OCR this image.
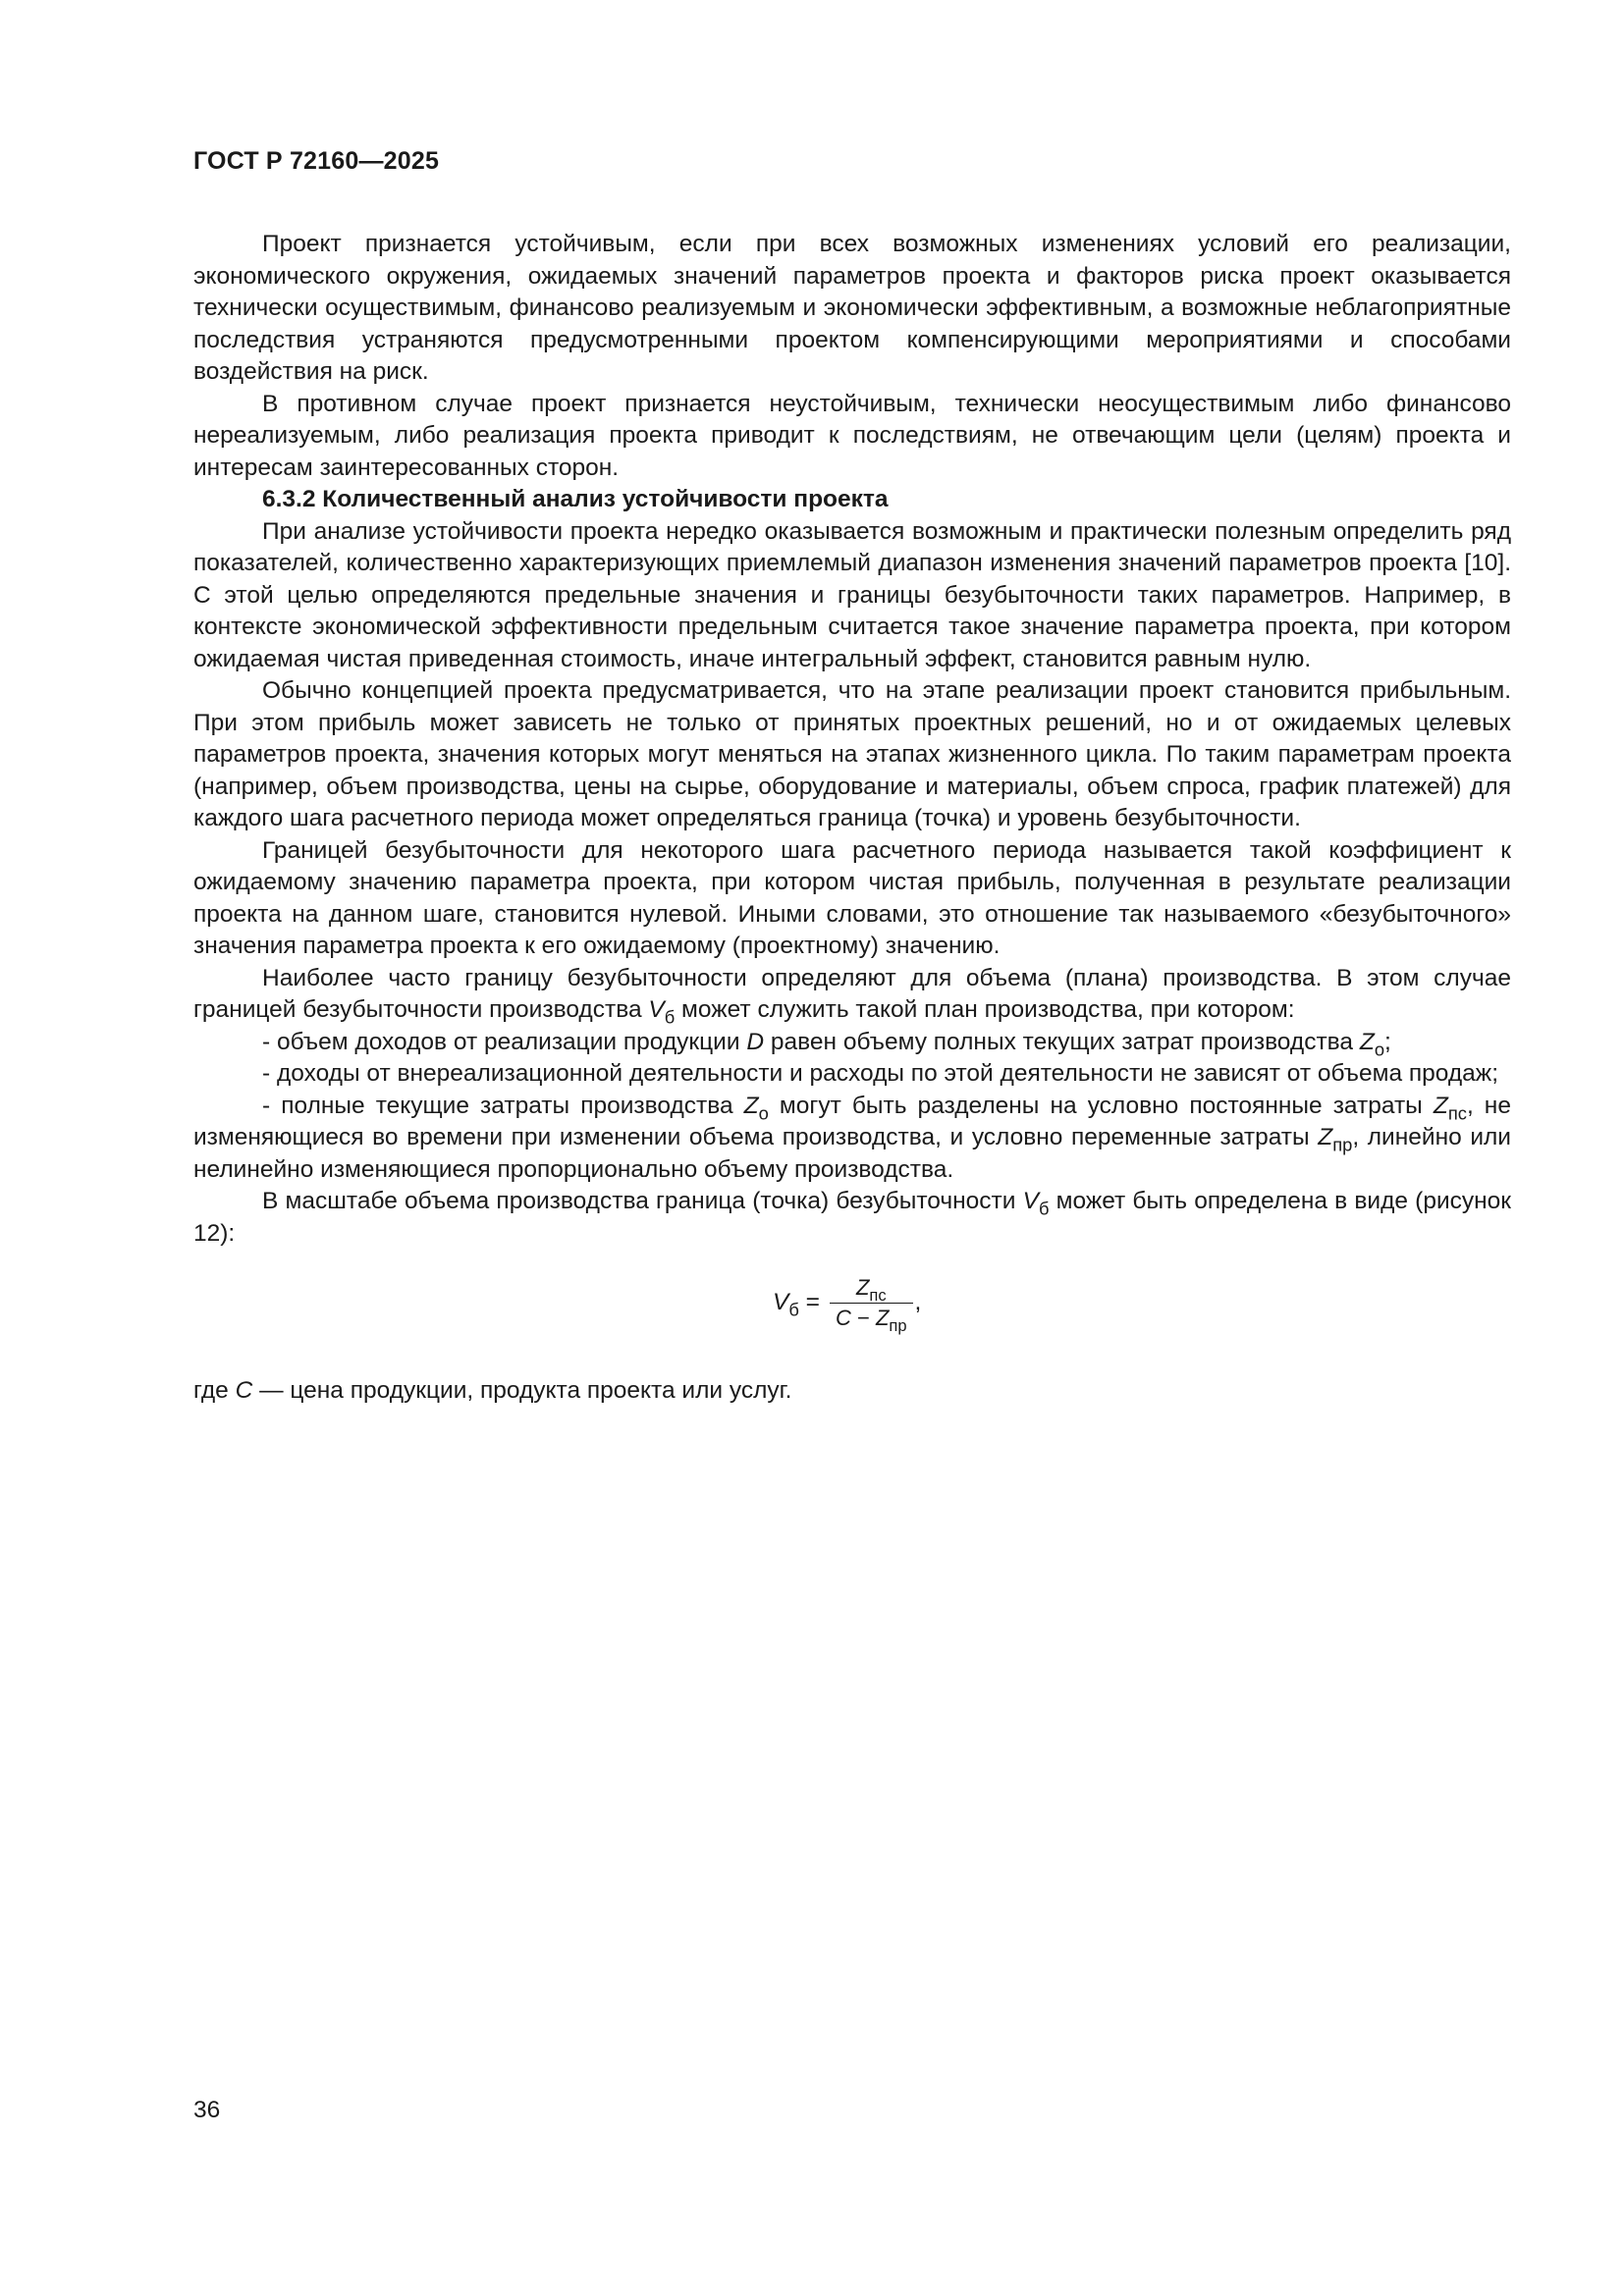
ГОСТ Р 72160—2025

Проект признается устойчивым, если при всех возможных изменениях условий его реализации, экономического окружения, ожидаемых значений параметров проекта и факторов риска проект оказывается технически осуществимым, финансово реализуемым и экономически эффективным, а возможные неблагоприятные последствия устраняются предусмотренными проектом компенсирующими мероприятиями и способами воздействия на риск.

В противном случае проект признается неустойчивым, технически неосуществимым либо финансово нереализуемым, либо реализация проекта приводит к последствиям, не отвечающим цели (целям) проекта и интересам заинтересованных сторон.

6.3.2 Количественный анализ устойчивости проекта

При анализе устойчивости проекта нередко оказывается возможным и практически полезным определить ряд показателей, количественно характеризующих приемлемый диапазон изменения значений параметров проекта [10]. С этой целью определяются предельные значения и границы безубыточности таких параметров. Например, в контексте экономической эффективности предельным считается такое значение параметра проекта, при котором ожидаемая чистая приведенная стоимость, иначе интегральный эффект, становится равным нулю.

Обычно концепцией проекта предусматривается, что на этапе реализации проект становится прибыльным. При этом прибыль может зависеть не только от принятых проектных решений, но и от ожидаемых целевых параметров проекта, значения которых могут меняться на этапах жизненного цикла. По таким параметрам проекта (например, объем производства, цены на сырье, оборудование и материалы, объем спроса, график платежей) для каждого шага расчетного периода может определяться граница (точка) и уровень безубыточности.

Границей безубыточности для некоторого шага расчетного периода называется такой коэффициент к ожидаемому значению параметра проекта, при котором чистая прибыль, полученная в результате реализации проекта на данном шаге, становится нулевой. Иными словами, это отношение так называемого «безубыточного» значения параметра проекта к его ожидаемому (проектному) значению.

Наиболее часто границу безубыточности определяют для объема (плана) производства. В этом случае границей безубыточности производства $V_б$ может служить такой план производства, при котором:

- объем доходов от реализации продукции D равен объему полных текущих затрат производства $Z_о$;

- доходы от внереализационной деятельности и расходы по этой деятельности не зависят от объема продаж;

- полные текущие затраты производства $Z_о$ могут быть разделены на условно постоянные затраты $Z_{пс}$, не изменяющиеся во времени при изменении объема производства, и условно переменные затраты $Z_{пр}$, линейно или нелинейно изменяющиеся пропорционально объему производства.

В масштабе объема производства граница (точка) безубыточности $V_б$ может быть определена в виде (рисунок 12):

$V_б = \frac{Z_{пс}}{C - Z_{пр}}$ ,

где C — цена продукции, продукта проекта или услуг.

36
